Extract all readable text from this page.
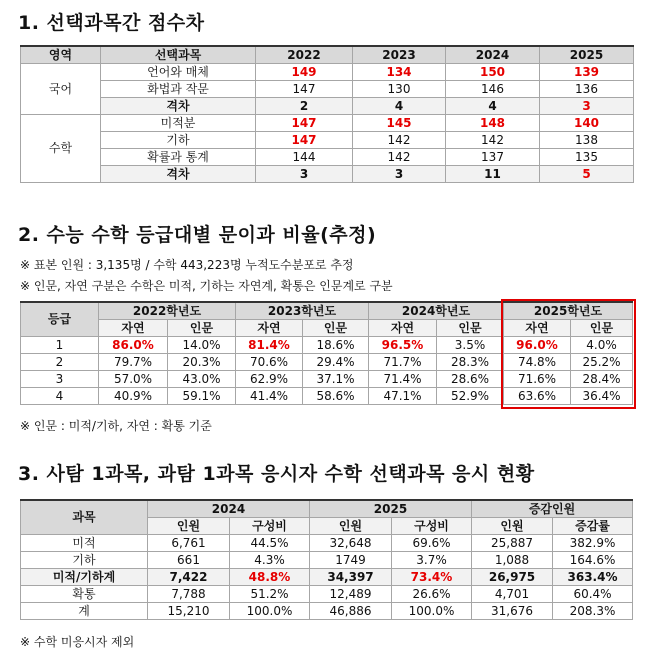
1. 선택과목간 점수차
영역	선택과목	2022	2023	2024	2025
국어	언어와 매체	149	134	150	139
	화법과 작문	147	130	146	136
	격차	2	4	4	3
수학	미적분	147	145	148	140
	기하	147	142	142	138
	확률과 통계	144	142	137	135
	격차	3	3	11	5
2. 수능 수학 등급대별 문이과 비율(추정)
※ 표본 인원 : 3,135명 / 수학 443,223명 누적도수분포로 추정
※ 인문, 자연 구분은 수학은 미적, 기하는 자연계, 확통은 인문계로 구분
등급	2022학년도		2023학년도		2024학년도		2025학년도	
	자연	인문	자연	인문	자연	인문	자연	인문
1	86.0%	14.0%	81.4%	18.6%	96.5%	3.5%	96.0%	4.0%
2	79.7%	20.3%	70.6%	29.4%	71.7%	28.3%	74.8%	25.2%
3	57.0%	43.0%	62.9%	37.1%	71.4%	28.6%	71.6%	28.4%
4	40.9%	59.1%	41.4%	58.6%	47.1%	52.9%	63.6%	36.4%
※ 인문 : 미적/기하, 자연 : 확통 기준
3. 사탐 1과목, 과탐 1과목 응시자 수학 선택과목 응시 현황
과목	2024		2025		증감인원	
	인원	구성비	인원	구성비	인원	증감률
미적	6,761	44.5%	32,648	69.6%	25,887	382.9%
기하	661	4.3%	1749	3.7%	1,088	164.6%
미적/기하계	7,422	48.8%	34,397	73.4%	26,975	363.4%
확통	7,788	51.2%	12,489	26.6%	4,701	60.4%
계	15,210	100.0%	46,886	100.0%	31,676	208.3%
※ 수학 미응시자 제외
